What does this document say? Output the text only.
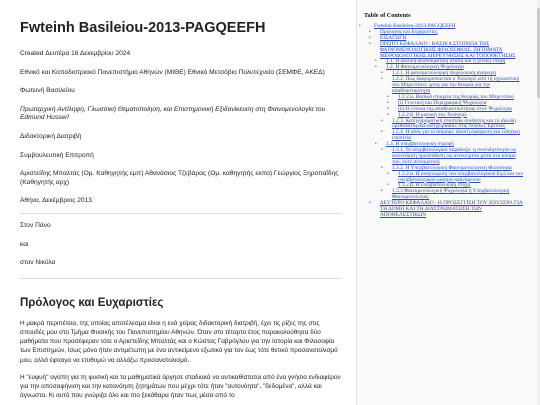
Fwteinh Basileiou-2013-PAGQEEFH

Created Δευτέρα 16 Δεκεμβρίου 2024

Εθνικό και Καποδιστριακό Πανεπιστήμιο Αθηνών (ΜΙΘΕ) Εθνικό Μετσόβιο Πολυτεχνείο (ΣΕΜΦΕ, ΑΚΕΔ)

Φωτεινή Βασιλείου

Πρωταρχική Αντίληψη, Γλωσσική Θεματοποίηση, και Επιστημονική Εξιδανίκευση στη Φαινομενολογία του Edmund Husserl

Διδακτορική Διατριβή

Συμβουλευτική Επιτροπή

Αριστείδης Μπαλτάς (Ομ. Καθηγητής εμπ) Αθανάσιος Τζεβάρας (Ομ. καθηγητής εκπα) Γεώργιος Ξηροπαΐδης (Καθηγητής αρχ)

Αθήνα, Δεκέμβριος 2013

Στον Πάνο

και

στον Νικόλα

Πρόλογος και Ευχαριστίες

Η μακρά περιπέτεια, της οποίας αποτέλεσμα είναι η ενά χείρας διδακτορική διατριβή, έχει τις ρίζες της στις σπουδές μου στο Τμήμα Φυσικής του Πανεπιστημίου Αθηνών. Όταν στο τέταρτο έτος παρακολούθησα δύο μαθήματα που προσέφεραν τότε ο Αριστείδης Μπαλτάς και ο Κώστας Γαβρόγλου για την Ιστορία και Φιλοσοφία των Επιστημών, ίσως μόνο ήταν αντιμέτωπη με ένα αντικείμενο εξωτικό για τον έως τότε θετικό προσανατολισμό μου, αλλά έφταιγα να επιθυμώ να αλλάξω προσανατολισμό.

Η "ευφυή" αγάπη για τη φυσική και τα μαθηματικά άργησε σταδιακά να αντικαθίσταται από ένα γνήσιο ενδιαφέρον για την αποσαφήνιση και την κατανόηση ζητημάτων που μέχρι τότε ήταν "αυτονόητα", "δεδομένα", αλλά και άγνωστα. Κι αυτό που γνώριζα όλο και πιο ξεκάθαρα ήταν πως μέσα από το

Table of Contents
• Fwteinh Basileiou-2013-PAGQEEFH
• Πρόλογος και Ευχαριστίες
• ΕΙΣΑΓΩΓΗ
• ΠΡΩΤΟ ΚΕΦΑΛΑΙΟ : ΒΑΣΙΚΑ ΣΤΟΙΧΕΙΑ ΤΗΣ ΦΑΙΝΟΜΕΝΟΛΟΓΙΚΗΣ ΦΙΛΟΣΟΦΙΑΣ. ΖΗΤΗΜΑΤΑ ΜΕΘΟΔΟΛΟΓΙΚΗΣ ΔΙΕΡΕΥΝΗΣΗΣ ΚΑΙ ΤΟΠΟΘΕΤΗΣΗΣ
• 1.1. Η φυσική-φυσιοκρατική στάση και η γενική εποχή
• 1.2. Η Φαινομενολογική Ψυχολογία
• 1.2.1. Η φαινομενολογική ψυχολογική αναγωγή
• 1.2.2. Πώς διαφοροποιείται ο Χούσερλ από τη σχολαστική του Μπρεντάνο: ιχνος για την θεωρία για την απαθλαστικότητα
• 1.2.2.α. Βασικά στοιχεία της θεωρίας του Μπρεντάνο
• (i) Γενετική και Περιγραφική Ψυχολογία
• (ii) Η έννοια της απαθλαστικότητας στον Ψυχολογία
• 1.2.2.β. Η κριτική του Χούσερλ
• 1.2.3. Κατηγορηματική εποπτεία σύνθεσης και το ιδεώδη «μεθοδολογικά κατηγοριακά» στις Λογικές Έρευνες
• 1.2.4. Η οδός για το απριόρι: ιδεατή αφαίρεση και ειδητική εποπτεία
• 1.3. Η υπερβατολογική στροφή
• 1.3.1. Το υπερβατολογικό παράδοξο: η συνειδητότητα ως ασυνείδητη προϋπόθεση ως αντικείμενα μέσα στο κόσμο του, ουτε αυτοκριτική
• 1.3.2. Η Υπερβατολογική Φαινομενολογική Φιλοσοφία
• 1.3.2.α. Η αναγνώριση του υπερβατολογικού Εγώ και του υπερβατολογικού κόσμου φαινόμενου
• 1.3.2.β. Η υπερβατολογική εποχή
• 1.3.3 Φαινομενολογική Ψυχολογία ή Υπερβατολογική Φαινομενολογία;
• ΔΕΥΤΕΡΟ ΚΕΦΑΛΑΙΟ : Η ΠΡΟΣΕΓΓΙΣΗ ΤΟΥ ΧΟΥΣΕΡΛ ΓΙΑ ΤΗ ΔΟΜΗ ΚΑΙ ΤΗ ΔΙΑΣΤΡΩΜΑΤΩΣΗ ΤΩΝ ΑΠΟΘΕΛΕΣΤΙΚΩΝ
